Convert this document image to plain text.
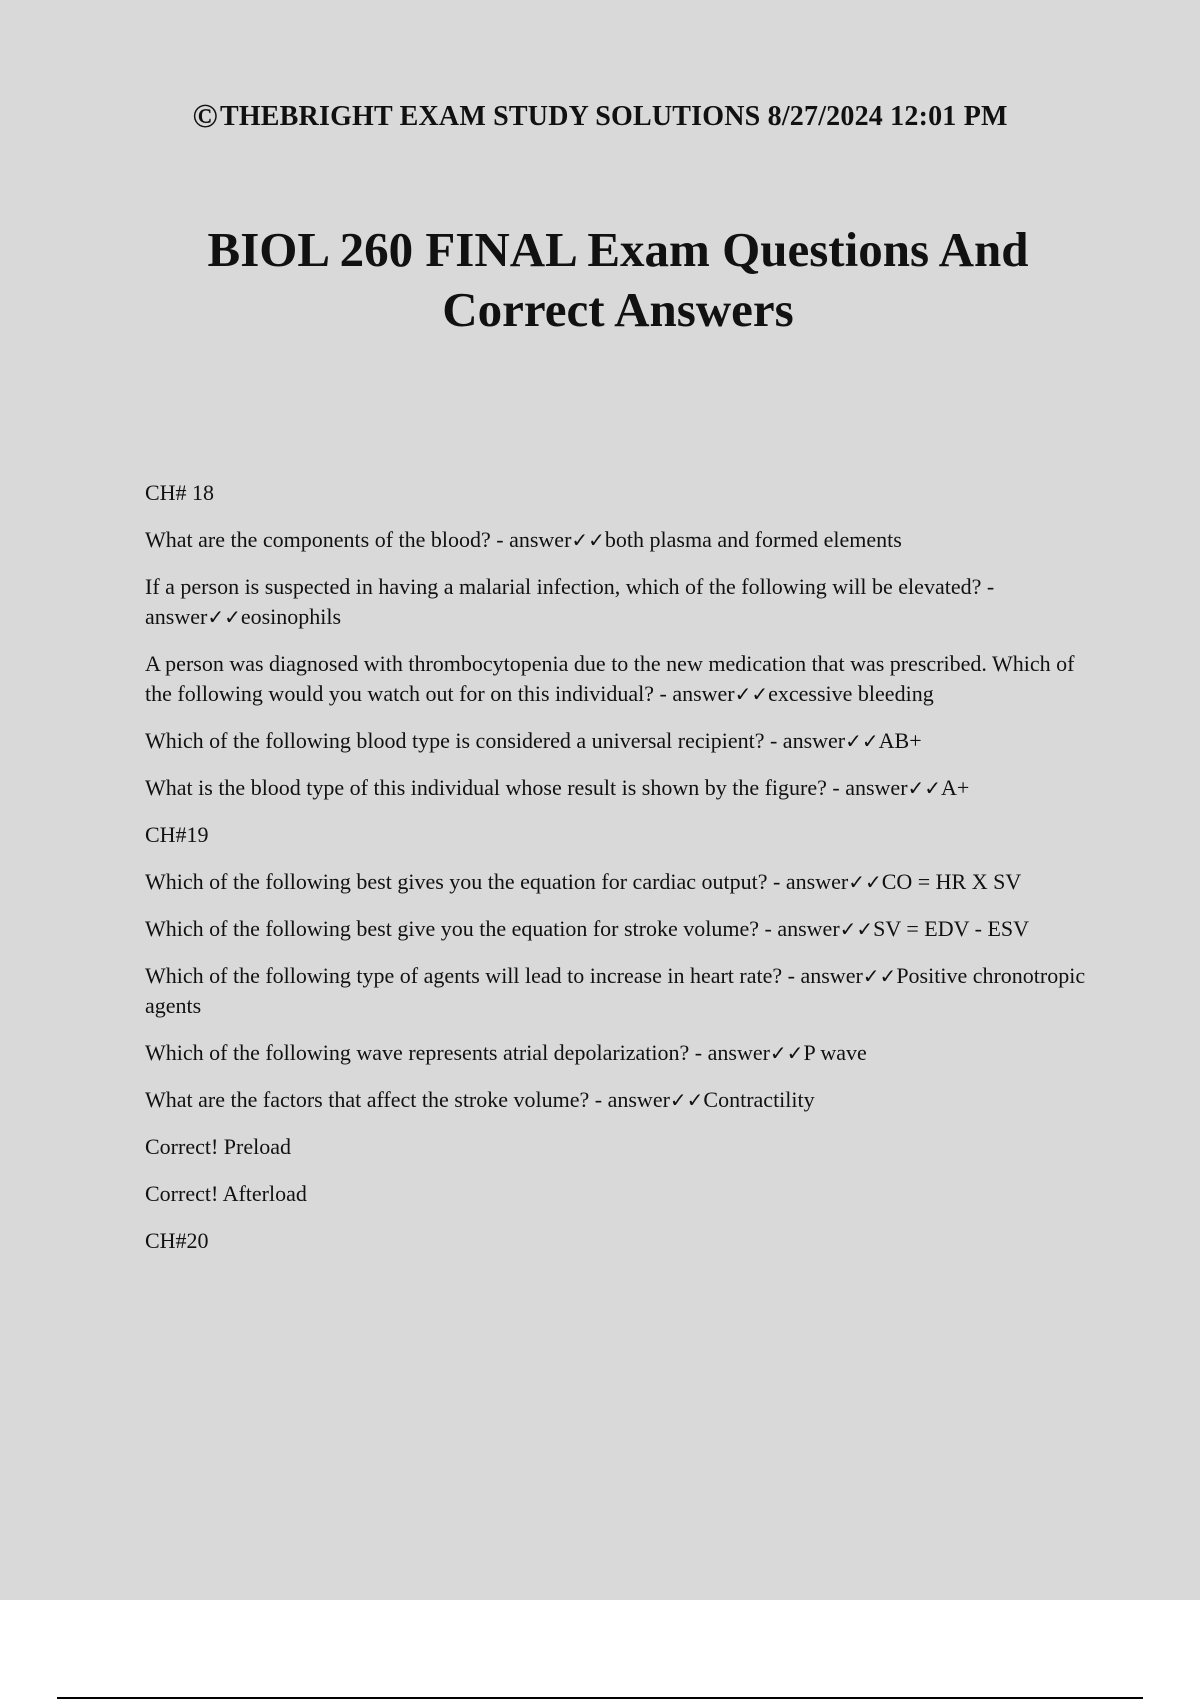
©THEBRIGHT EXAM STUDY SOLUTIONS 8/27/2024 12:01 PM
BIOL 260 FINAL Exam Questions And
Correct Answers

CH# 18

What are the components of the blood? - answer✓✓both plasma and formed elements

If a person is suspected in having a malarial infection, which of the following will be elevated? - answer✓✓eosinophils

A person was diagnosed with thrombocytopenia due to the new medication that was prescribed. Which of the following would you watch out for on this individual? - answer✓✓excessive bleeding

Which of the following blood type is considered a universal recipient? - answer✓✓AB+

What is the blood type of this individual whose result is shown by the figure? - answer✓✓A+

CH#19

Which of the following best gives you the equation for cardiac output? - answer✓✓CO = HR X SV

Which of the following best give you the equation for stroke volume? - answer✓✓SV = EDV - ESV

Which of the following type of agents will lead to increase in heart rate? - answer✓✓Positive chronotropic agents

Which of the following wave represents atrial depolarization? - answer✓✓P wave

What are the factors that affect the stroke volume? - answer✓✓Contractility

Correct! Preload

Correct! Afterload

CH#20
